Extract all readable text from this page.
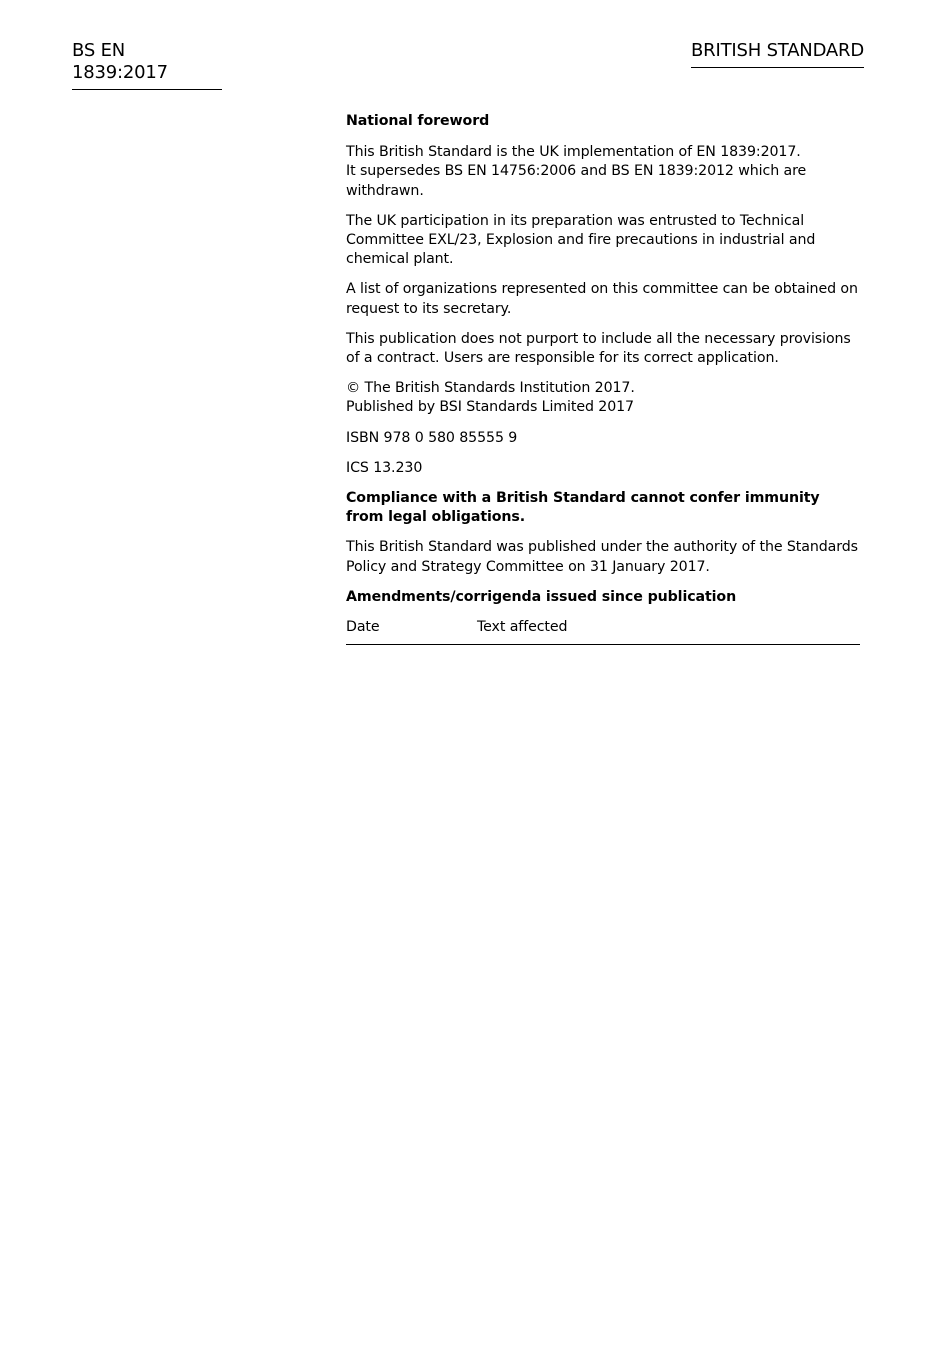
BS EN 1839:2017
BRITISH STANDARD

National foreword

This British Standard is the UK implementation of EN 1839:2017.
It supersedes BS EN 14756:2006 and BS EN 1839:2012 which are withdrawn.

The UK participation in its preparation was entrusted to Technical Committee EXL/23, Explosion and fire precautions in industrial and chemical plant.

A list of organizations represented on this committee can be obtained on request to its secretary.

This publication does not purport to include all the necessary provisions of a contract. Users are responsible for its correct application.

© The British Standards Institution 2017.
Published by BSI Standards Limited 2017

ISBN 978 0 580 85555 9

ICS 13.230

Compliance with a British Standard cannot confer immunity from legal obligations.

This British Standard was published under the authority of the Standards Policy and Strategy Committee on 31 January 2017.

Amendments/corrigenda issued since publication

Date	Text affected
